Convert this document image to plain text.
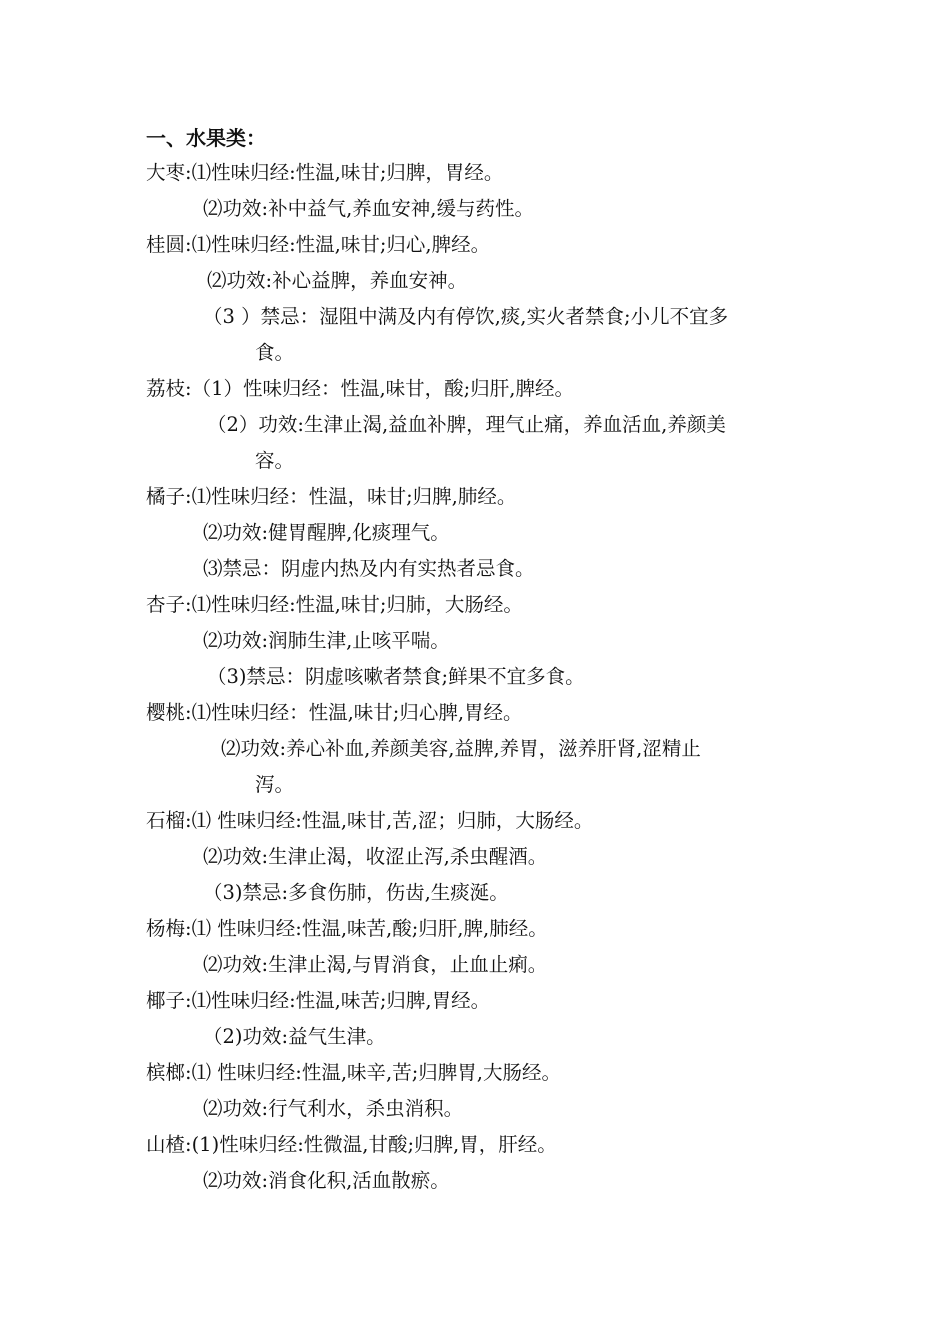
一、水果类：
大枣:⑴性味归经:性温,味甘;归脾，胃经。
⑵功效:补中益气,养血安神,缓与药性。
桂圆:⑴性味归经:性温,味甘;归心,脾经。
⑵功效:补心益脾，养血安神。
（3 ）禁忌：湿阻中满及内有停饮,痰,实火者禁食;小儿不宜多
食。
荔枝:（1）性味归经：性温,味甘，酸;归肝,脾经。
（2）功效:生津止渴,益血补脾，理气止痛，养血活血,养颜美
容。
橘子:⑴性味归经：性温，味甘;归脾,肺经。
⑵功效:健胃醒脾,化痰理气。
⑶禁忌：阴虚内热及内有实热者忌食。
杏子:⑴性味归经:性温,味甘;归肺，大肠经。
⑵功效:润肺生津,止咳平喘。
（3)禁忌：阴虚咳嗽者禁食;鲜果不宜多食。
樱桃:⑴性味归经：性温,味甘;归心脾,胃经。
⑵功效:养心补血,养颜美容,益脾,养胃，滋养肝肾,涩精止
泻。
石榴:⑴ 性味归经:性温,味甘,苦,涩；归肺，大肠经。
⑵功效:生津止渴，收涩止泻,杀虫醒酒。
（3)禁忌:多食伤肺，伤齿,生痰涎。
杨梅:⑴ 性味归经:性温,味苦,酸;归肝,脾,肺经。
⑵功效:生津止渴,与胃消食，止血止痢。
椰子:⑴性味归经:性温,味苦;归脾,胃经。
（2)功效:益气生津。
槟榔:⑴ 性味归经:性温,味辛,苦;归脾胃,大肠经。
⑵功效:行气利水，杀虫消积。
山楂:(1)性味归经:性微温,甘酸;归脾,胃，肝经。
⑵功效:消食化积,活血散瘀。
